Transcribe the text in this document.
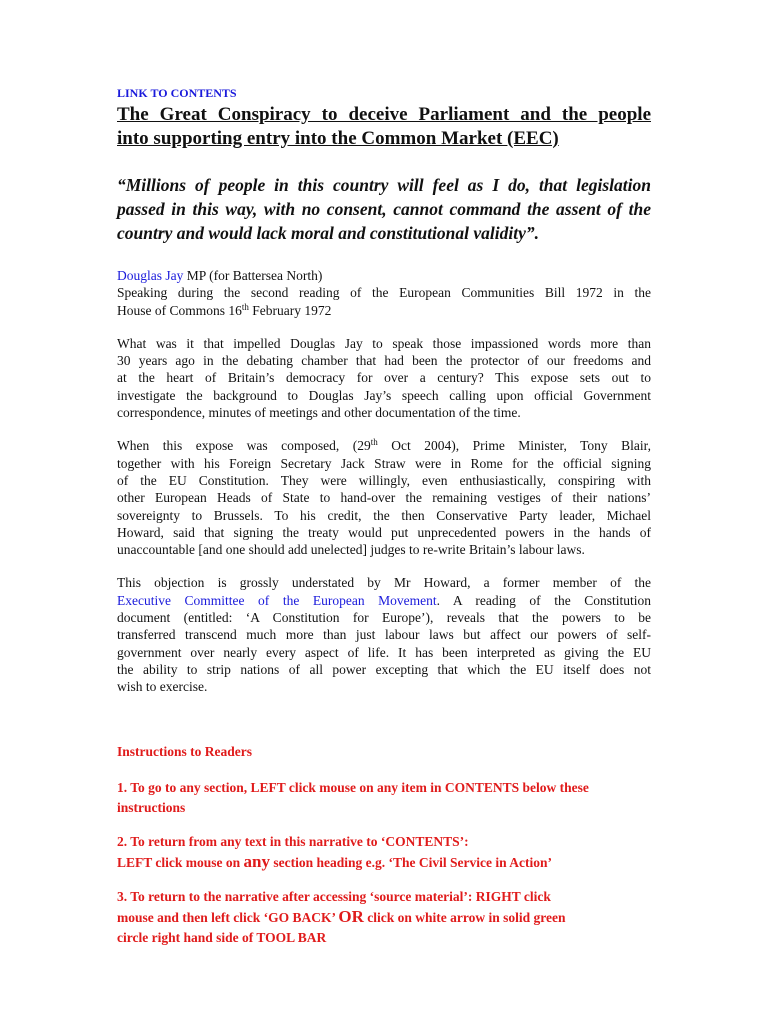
LINK TO CONTENTS
The Great Conspiracy to deceive Parliament and the people
into supporting entry into the Common Market (EEC)
“Millions of people in this country will feel as I do, that legislation
passed in this way, with no consent, cannot command the assent of the
country and would lack moral and constitutional validity”.

Douglas Jay MP (for Battersea North)
Speaking during the second reading of the European Communities Bill 1972 in the
House of Commons 16th February 1972

What was it that impelled Douglas Jay to speak those impassioned words more than
30 years ago in the debating chamber that had been the protector of our freedoms and
at the heart of Britain’s democracy for over a century? This expose sets out to
investigate the background to Douglas Jay’s speech calling upon official Government
correspondence, minutes of meetings and other documentation of the time.

When this expose was composed, (29th Oct 2004), Prime Minister, Tony Blair,
together with his Foreign Secretary Jack Straw were in Rome for the official signing
of the EU Constitution. They were willingly, even enthusiastically, conspiring with
other European Heads of State to hand-over the remaining vestiges of their nations’
sovereignty to Brussels. To his credit, the then Conservative Party leader, Michael
Howard, said that signing the treaty would put unprecedented powers in the hands of
unaccountable [and one should add unelected] judges to re-write Britain’s labour laws.

This objection is grossly understated by Mr Howard, a former member of the
Executive Committee of the European Movement. A reading of the Constitution
document (entitled: ‘A Constitution for Europe’), reveals that the powers to be
transferred transcend much more than just labour laws but affect our powers of self-
government over nearly every aspect of life. It has been interpreted as giving the EU
the ability to strip nations of all power excepting that which the EU itself does not
wish to exercise.

Instructions to Readers

1. To go to any section, LEFT click mouse on any item in CONTENTS below these
instructions

2. To return from any text in this narrative to ‘CONTENTS’:
LEFT click mouse on any section heading e.g. ‘The Civil Service in Action’

3. To return to the narrative after accessing ‘source material’: RIGHT click
mouse and then left click ‘GO BACK’ OR click on white arrow in solid green
circle right hand side of TOOL BAR
